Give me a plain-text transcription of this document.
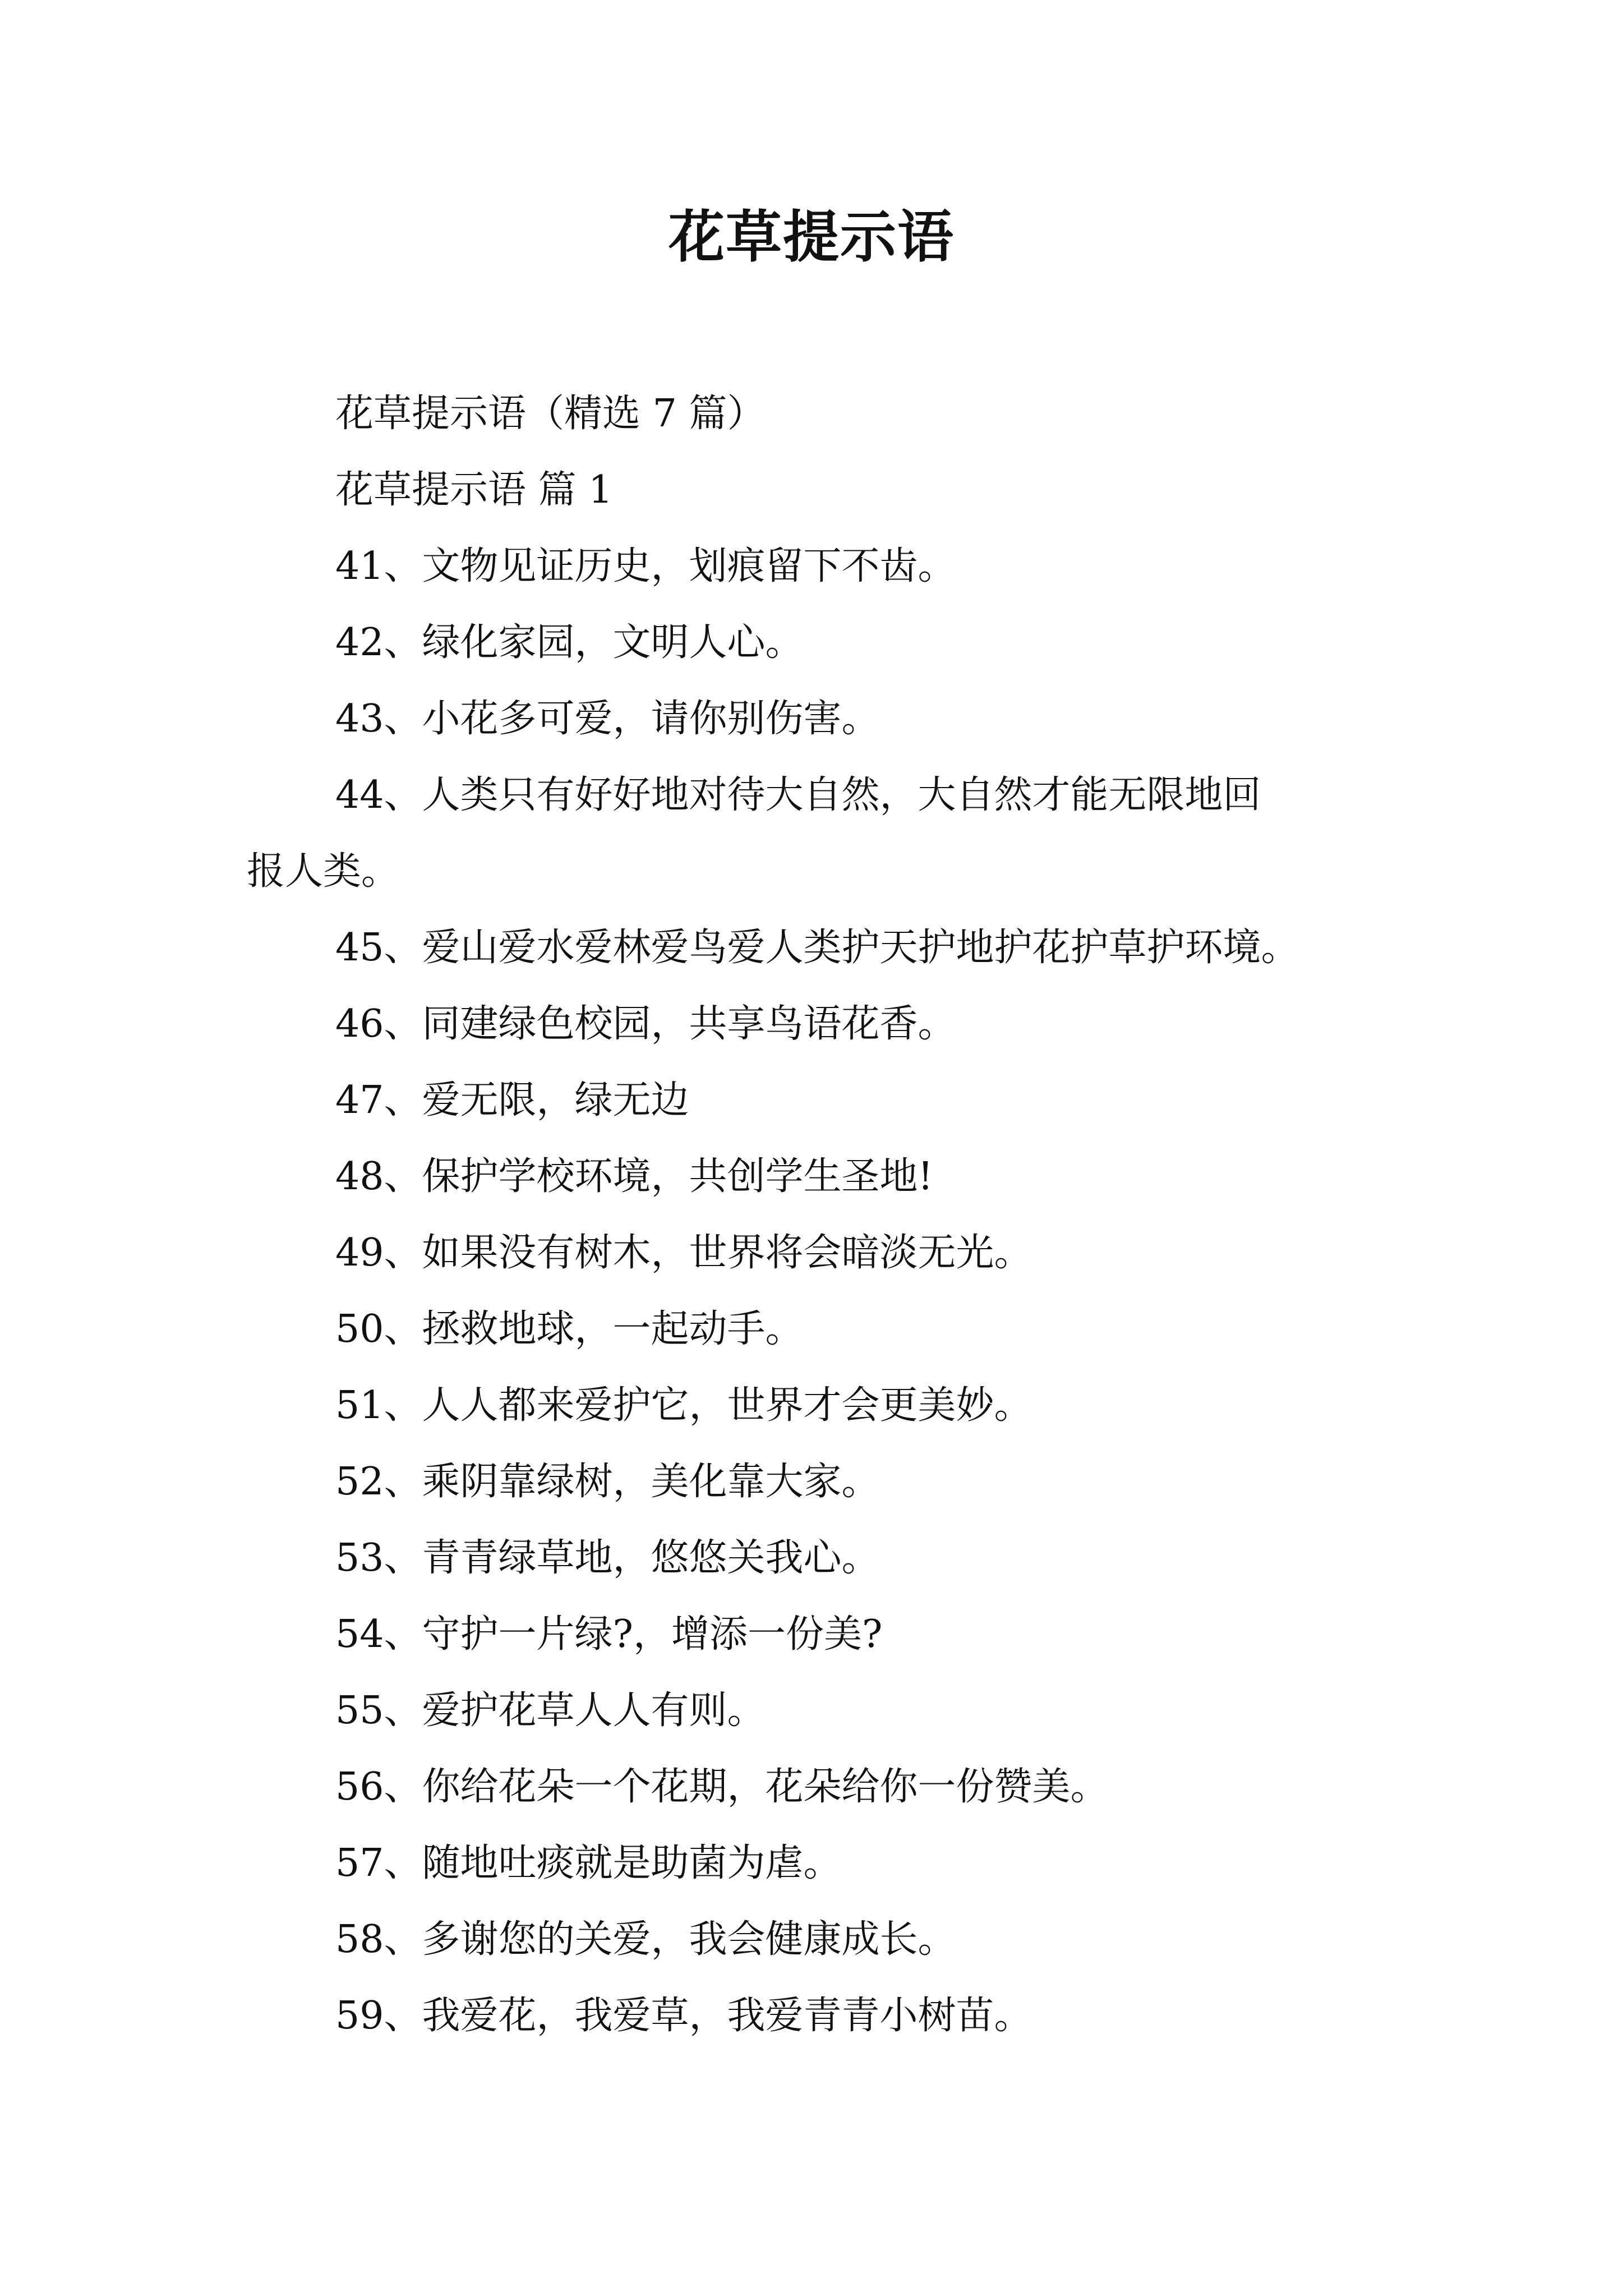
花草提示语

花草提示语（精选 7 篇）

花草提示语 篇 1

41、文物见证历史，划痕留下不齿。

42、绿化家园，文明人心。

43、小花多可爱，请你别伤害。

44、人类只有好好地对待大自然，大自然才能无限地回

报人类。

45、爱山爱水爱林爱鸟爱人类护天护地护花护草护环境。

46、同建绿色校园，共享鸟语花香。

47、爱无限，绿无边

48、保护学校环境，共创学生圣地!

49、如果没有树木，世界将会暗淡无光。

50、拯救地球，一起动手。

51、人人都来爱护它，世界才会更美妙。

52、乘阴靠绿树，美化靠大家。

53、青青绿草地，悠悠关我心。

54、守护一片绿?，增添一份美?

55、爱护花草人人有则。

56、你给花朵一个花期，花朵给你一份赞美。

57、随地吐痰就是助菌为虐。

58、多谢您的关爱，我会健康成长。

59、我爱花，我爱草，我爱青青小树苗。
